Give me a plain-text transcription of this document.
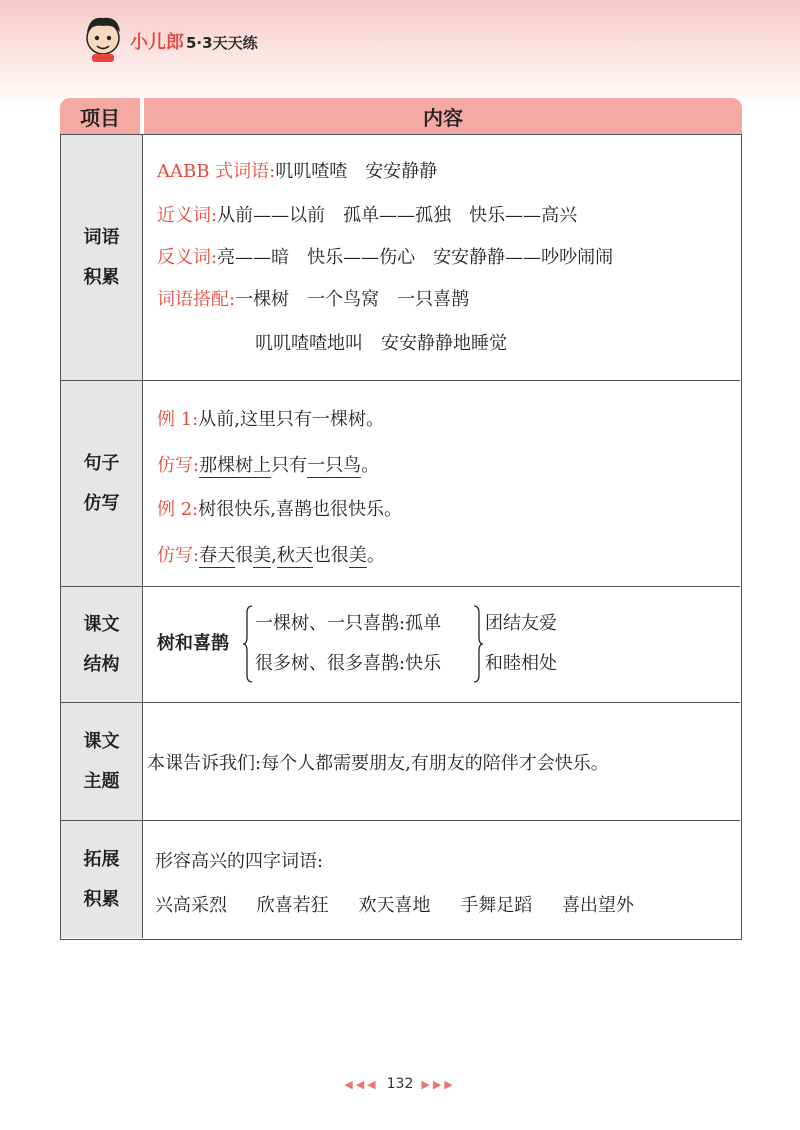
小儿郎 5·3天天练
项目	内容
词语
积累
AABB 式词语:叽叽喳喳　安安静静
近义词:从前——以前　孤单——孤独　快乐——高兴
反义词:亮——暗　快乐——伤心　安安静静——吵吵闹闹
词语搭配:一棵树　一个鸟窝　一只喜鹊
叽叽喳喳地叫　安安静静地睡觉
句子
仿写
例 1:从前,这里只有一棵树。
仿写:那棵树上只有一只鸟。
例 2:树很快乐,喜鹊也很快乐。
仿写:春天很美,秋天也很美。
课文
结构
树和喜鹊
一棵树、一只喜鹊:孤单
很多树、很多喜鹊:快乐
团结友爱
和睦相处
课文
主题
本课告诉我们:每个人都需要朋友,有朋友的陪伴才会快乐。
拓展
积累
形容高兴的四字词语:
兴高采烈 欣喜若狂 欢天喜地 手舞足蹈 喜出望外
◀◀◀ 132 ▶▶▶
